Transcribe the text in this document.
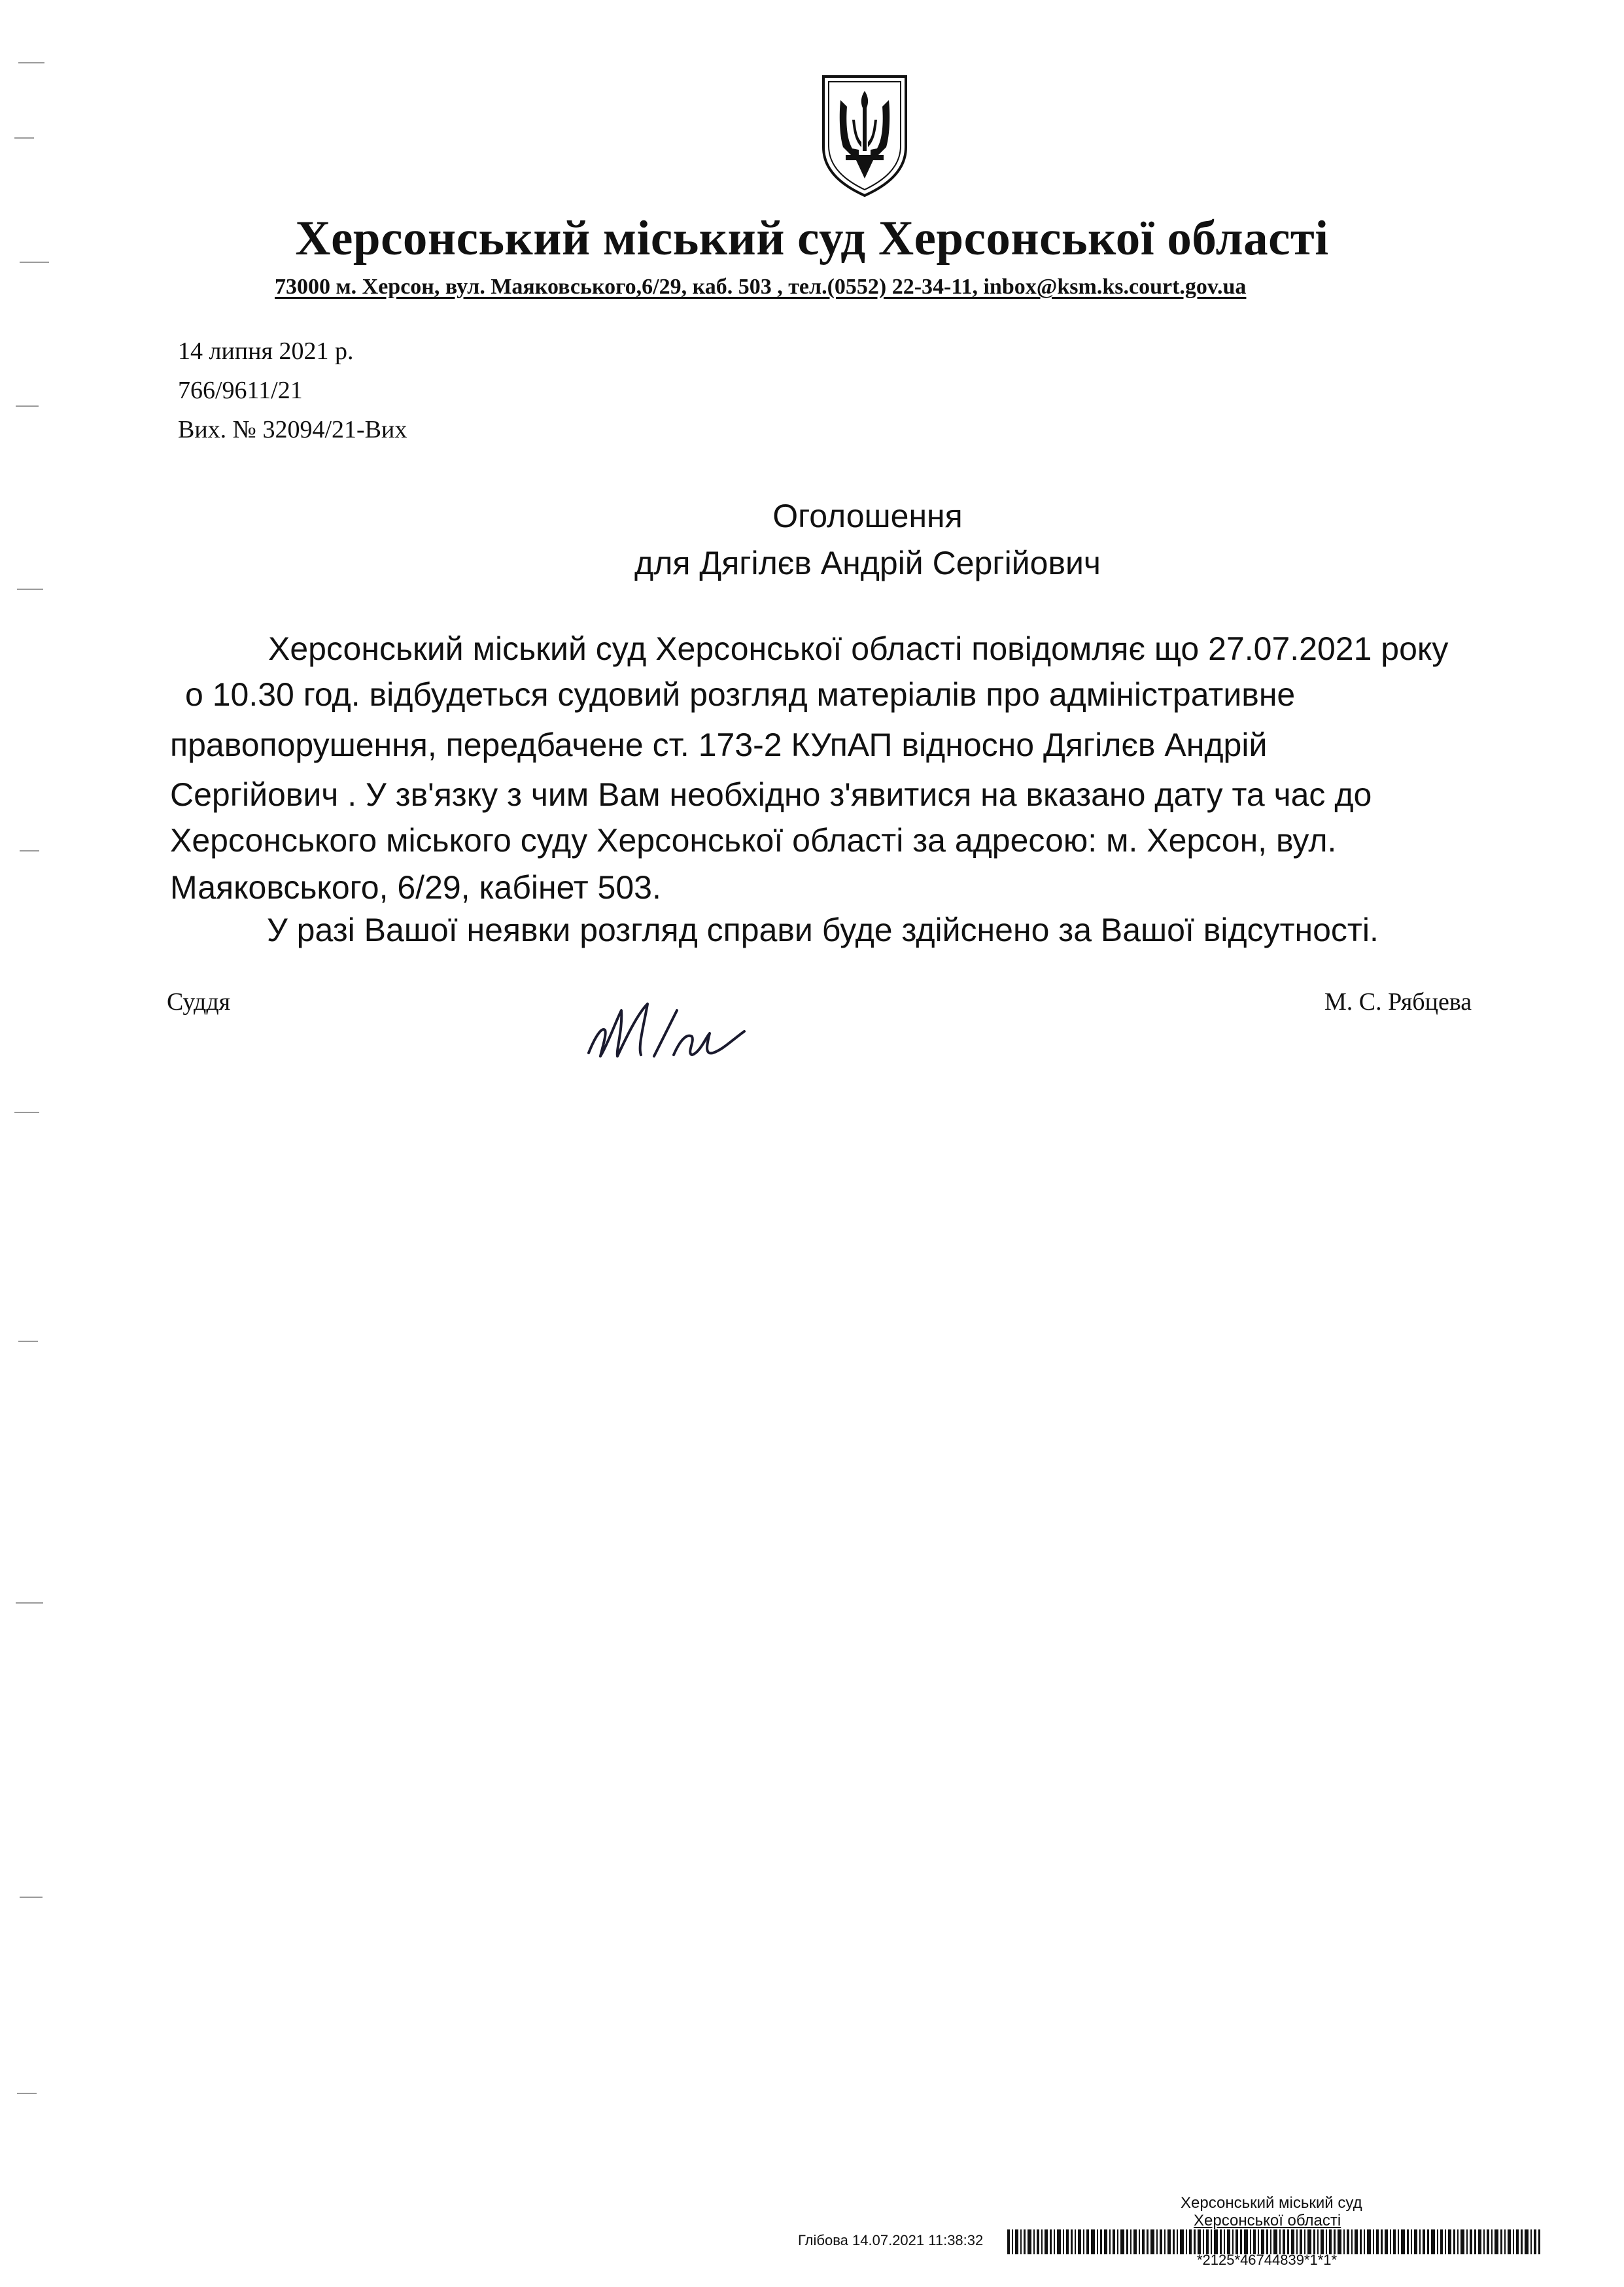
Херсонський міський суд Херсонської області
73000 м. Херсон, вул. Маяковського,6/29, каб. 503 , тел.(0552) 22-34-11, inbox@ksm.ks.court.gov.ua
14 липня 2021 р.
766/9611/21
Вих. № 32094/21-Вих
Оголошення
для Дягілєв Андрій Сергійович
Херсонський міський суд Херсонської області повідомляє що 27.07.2021 року
о 10.30 год. відбудеться судовий розгляд матеріалів про адміністративне
правопорушення, передбачене ст. 173-2 КУпАП відносно Дягілєв Андрій
Сергійович . У зв'язку з чим Вам необхідно з'явитися на вказано дату та час до
Херсонського міського суду Херсонської області за адресою: м. Херсон, вул.
Маяковського, 6/29, кабінет 503.
У разі Вашої неявки розгляд справи буде здійснено за Вашої відсутності.
Суддя	М. С. Рябцева
Херсонський міський суд
Херсонської області
Глібова 14.07.2021 11:38:32
*2125*46744839*1*1*
